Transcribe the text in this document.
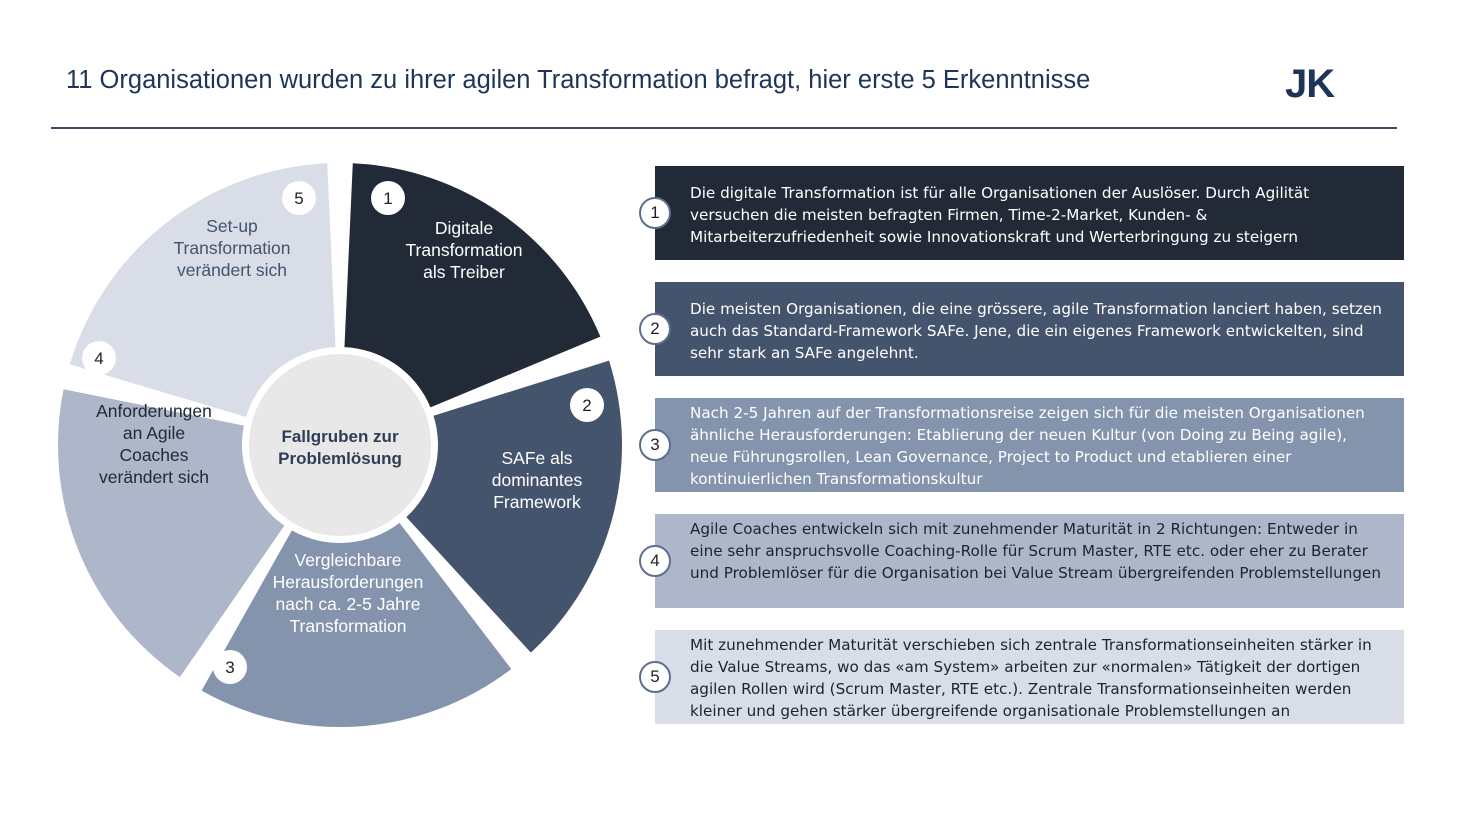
11 Organisationen wurden zu ihrer agilen Transformation befragt, hier erste 5 Erkenntnisse	JK
Digitale Transformation als Treiber
1
SAFe als dominantes Framework
2
Vergleichbare Herausforderungen nach ca. 2-5 Jahre Transformation
3
Anforderungen an Agile Coaches verändert sich
4
Set-up Transformation verändert sich
5
Fallgruben zur Problemlösung
Die digitale Transformation ist für alle Organisationen der Auslöser. Durch Agilität versuchen die meisten befragten Firmen, Time-2-Market, Kunden- & Mitarbeiterzufriedenheit sowie Innovationskraft und Werterbringung zu steigern
1
Die meisten Organisationen, die eine grössere, agile Transformation lanciert haben, setzen auch das Standard-Framework SAFe. Jene, die ein eigenes Framework entwickelten, sind sehr stark an SAFe angelehnt.
2
Nach 2-5 Jahren auf der Transformationsreise zeigen sich für die meisten Organisationen ähnliche Herausforderungen: Etablierung der neuen Kultur (von Doing zu Being agile), neue Führungsrollen, Lean Governance, Project to Product und etablieren einer kontinuierlichen Transformationskultur
3
Agile Coaches entwickeln sich mit zunehmender Maturität in 2 Richtungen: Entweder in eine sehr anspruchsvolle Coaching-Rolle für Scrum Master, RTE etc. oder eher zu Berater und Problemlöser für die Organisation bei Value Stream übergreifenden Problemstellungen
4
Mit zunehmender Maturität verschieben sich zentrale Transformationseinheiten stärker in die Value Streams, wo das «am System» arbeiten zur «normalen» Tätigkeit der dortigen agilen Rollen wird (Scrum Master, RTE etc.). Zentrale Transformationseinheiten werden kleiner und gehen stärker übergreifende organisationale Problemstellungen an
5
